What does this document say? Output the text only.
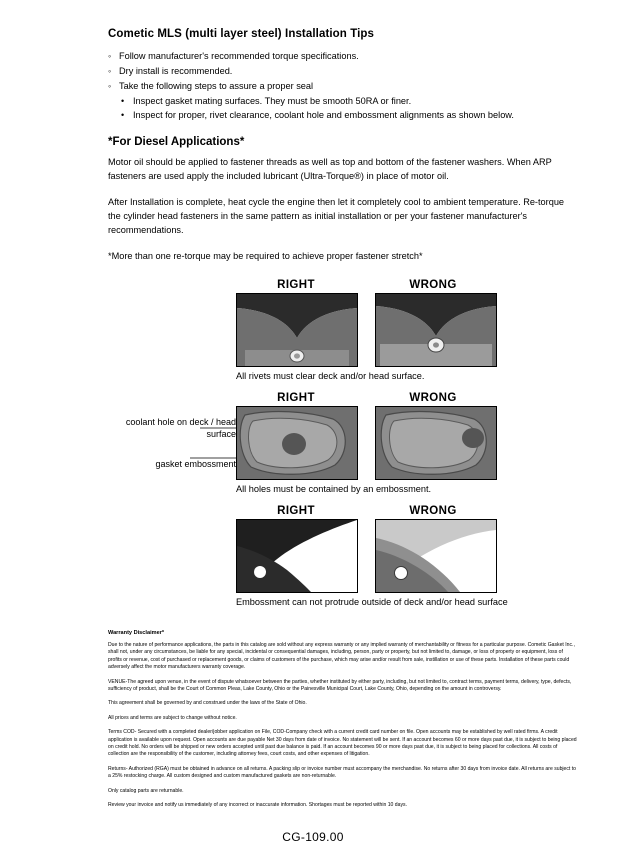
Cometic MLS (multi layer steel) Installation Tips
◦ Follow manufacturer's recommended torque specifications.
◦ Dry install is recommended.
◦ Take the following steps to assure a proper seal
• Inspect gasket mating surfaces. They must be smooth 50RA or finer.
• Inspect for proper, rivet clearance, coolant hole and embossment alignments as shown below.
*For Diesel Applications*

Motor oil should be applied to fastener threads as well as top and bottom of the fastener washers. When ARP fasteners are used apply the included lubricant (Ultra-Torque®) in place of motor oil.

After Installation is complete, heat cycle the engine then let it completely cool to ambient temperature. Re-torque the cylinder head fasteners in the same pattern as initial installation or per your fastener manufacturer's recommendations.

*More than one re-torque may be required to achieve proper fastener stretch*

RIGHT	WRONG
All rivets must clear deck and/or head surface.
coolant hole on deck / head surface
gasket embossment
RIGHT	WRONG
All holes must be contained by an embossment.
RIGHT	WRONG
Embossment can not protrude outside of deck and/or head surface
Warranty Disclaimer*

Due to the nature of performance applications, the parts in this catalog are sold without any express warranty or any implied warranty of merchantability or fitness for a particular purpose. Cometic Gasket Inc., shall not, under any circumstances, be liable for any special, incidental or consequential damages, including, person, party or property, but not limited to, damage, or loss of property or equipment, loss of profits or revenue, cost of purchased or replacement goods, or claims of customers of the purchase, which may arise and/or result from sale, instillation or use of these parts. Installation of these parts could adversely affect the motor manufacturers warranty coverage.

VENUE-The agreed upon venue, in the event of dispute whatsoever between the parties, whether instituted by either party, including, but not limited to, contract terms, payment terms, delivery, type, defects, sufficiency of product, shall be the Court of Common Pleas, Lake County, Ohio or the Painesville Municipal Court, Lake County, Ohio, depending on the amount in controversy.

This agreement shall be governed by and construed under the laws of the State of Ohio.

All prices and terms are subject to change without notice.

Terms COD- Secured with a completed dealer/jobber application on File, COD-Company check with a current credit card number on file. Open accounts may be established by well rated firms. A credit application is available upon request. Open accounts are due payable Net 30 days from date of invoice. No statement will be sent. If an account becomes 60 or more days past due, it is subject to being placed on credit hold. No orders will be shipped or new orders accepted until past due balance is paid. If an account becomes 90 or more days past due, it is subject to being placed for collections. All costs of collection are the responsibility of the customer, including attorney fees, court costs, and other expenses of litigation.

Returns- Authorized (RGA) must be obtained in advance on all returns. A packing slip or invoice number must accompany the merchandise. No returns after 30 days from invoice date. All returns are subject to a 25% restocking charge. All custom designed and custom manufactured gaskets are non-returnable.

Only catalog parts are returnable.

Review your invoice and notify us immediately of any incorrect or inaccurate information. Shortages must be reported within 10 days.

CG-109.00
